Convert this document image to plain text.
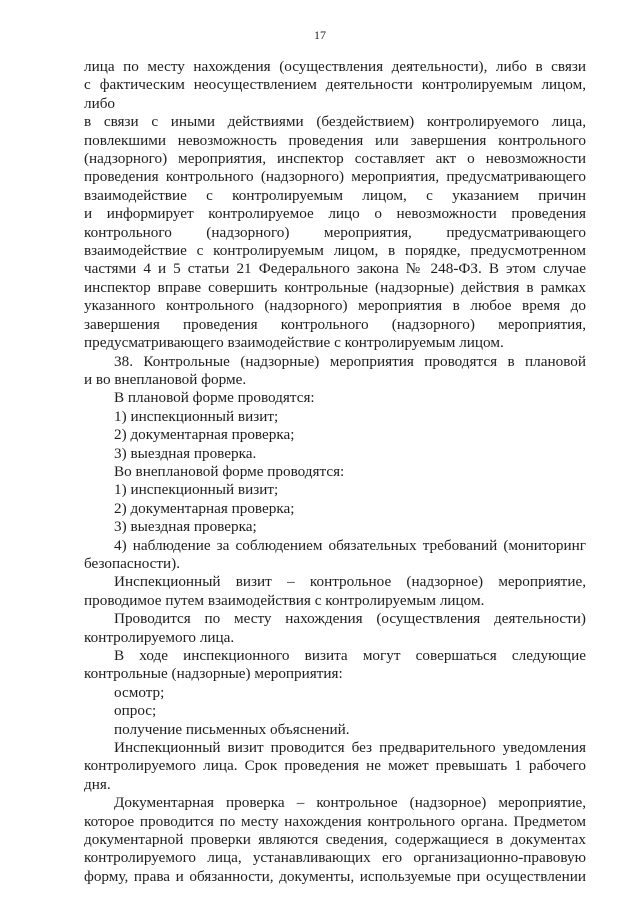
17

лица по месту нахождения (осуществления деятельности), либо в связи

с фактическим неосуществлением деятельности контролируемым лицом, либо

в связи с иными действиями (бездействием) контролируемого лица,

повлекшими невозможность проведения или завершения контрольного

(надзорного) мероприятия, инспектор составляет акт о невозможности

проведения контрольного (надзорного) мероприятия, предусматривающего

взаимодействие с контролируемым лицом, с указанием причин

и информирует контролируемое лицо о невозможности проведения

контрольного (надзорного) мероприятия, предусматривающего

взаимодействие с контролируемым лицом, в порядке, предусмотренном

частями 4 и 5 статьи 21 Федерального закона № 248-ФЗ. В этом случае

инспектор вправе совершить контрольные (надзорные) действия в рамках

указанного контрольного (надзорного) мероприятия в любое время до

завершения проведения контрольного (надзорного) мероприятия,

предусматривающего взаимодействие с контролируемым лицом.

38. Контрольные (надзорные) мероприятия проводятся в плановой

и во внеплановой форме.

В плановой форме проводятся:

1) инспекционный визит;

2) документарная проверка;

3) выездная проверка.

Во внеплановой форме проводятся:

1) инспекционный визит;

2) документарная проверка;

3) выездная проверка;

4) наблюдение за соблюдением обязательных требований (мониторинг

безопасности).

Инспекционный визит – контрольное (надзорное) мероприятие,

проводимое путем взаимодействия с контролируемым лицом.

Проводится по месту нахождения (осуществления деятельности)

контролируемого лица.

В ходе инспекционного визита могут совершаться следующие

контрольные (надзорные) мероприятия:

осмотр;

опрос;

получение письменных объяснений.

Инспекционный визит проводится без предварительного уведомления

контролируемого лица. Срок проведения не может превышать 1 рабочего

дня.

Документарная проверка – контрольное (надзорное) мероприятие,

которое проводится по месту нахождения контрольного органа. Предметом

документарной проверки являются сведения, содержащиеся в документах

контролируемого лица, устанавливающих его организационно-правовую

форму, права и обязанности, документы, используемые при осуществлении
